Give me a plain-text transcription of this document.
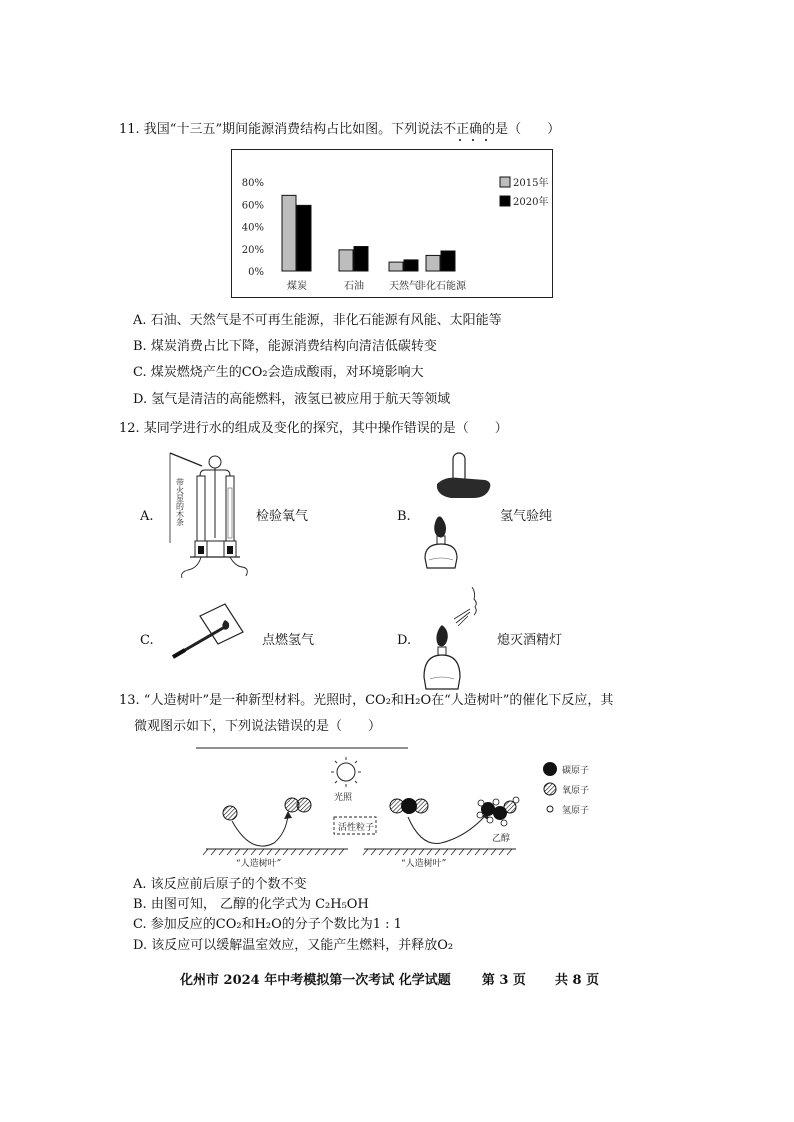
11. 我国“十三五”期间能源消费结构占比如图。下列说法不正确的是（　　）
80%
60%
40%
20%
0%
煤炭	石油	天然气
非化石能源
2015年
2020年
A. 石油、天然气是不可再生能源，非化石能源有风能、太阳能等
B. 煤炭消费占比下降，能源消费结构向清洁低碳转变
C. 煤炭燃烧产生的CO₂会造成酸雨，对环境影响大
D. 氢气是清洁的高能燃料，液氢已被应用于航天等领域
12. 某同学进行水的组成及变化的探究，其中操作错误的是（　　）
A.	带火星的木条	检验氧气	B.	氢气验纯
C.	点燃氢气	D.	熄灭酒精灯
13. “人造树叶”是一种新型材料。光照时，CO₂和H₂O在“人造树叶”的催化下反应，其
微观图示如下，下列说法错误的是（　　）
光照
活性粒子
乙醇
“人造树叶”	“人造树叶”
碳原子
氧原子
氢原子
A. 该反应前后原子的个数不变
B. 由图可知， 乙醇的化学式为 C₂H₅OH
C. 参加反应的CO₂和H₂O的分子个数比为1 : 1
D. 该反应可以缓解温室效应，又能产生燃料，并释放O₂
化州市 2024 年中考模拟第一次考试 化学试题 第 3 页 共 8 页
